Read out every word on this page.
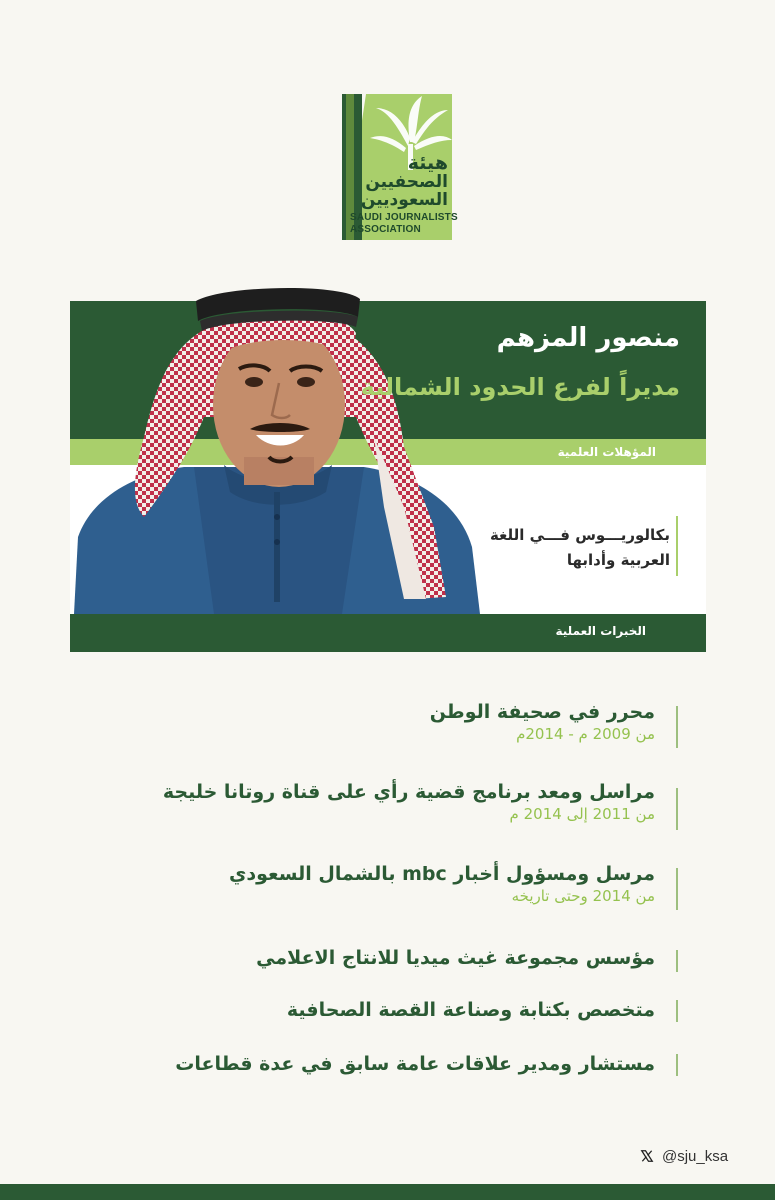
هيئة
الصحفيين
السعوديين
SAUDI JOURNALISTS
ASSOCIATION
منصور المزهم
مديراً لفرع الحدود الشمالية
المؤهلات العلمية
بكالوريـــوس فـــي اللغة العربية وأدابها
الخبرات العملية
محرر في صحيفة الوطن
من 2009 م - 2014م
مراسل ومعد برنامج قضية رأي على قناة روتانا خليجة
من 2011 إلى 2014 م
مرسل ومسؤول أخبار mbc بالشمال السعودي
من 2014 وحتى تاريخه
مؤسس مجموعة غيث ميديا للانتاج الاعلامي
متخصص بكتابة وصناعة القصة الصحافية
مستشار ومدير علاقات عامة سابق في عدة قطاعات
@sju_ksa
